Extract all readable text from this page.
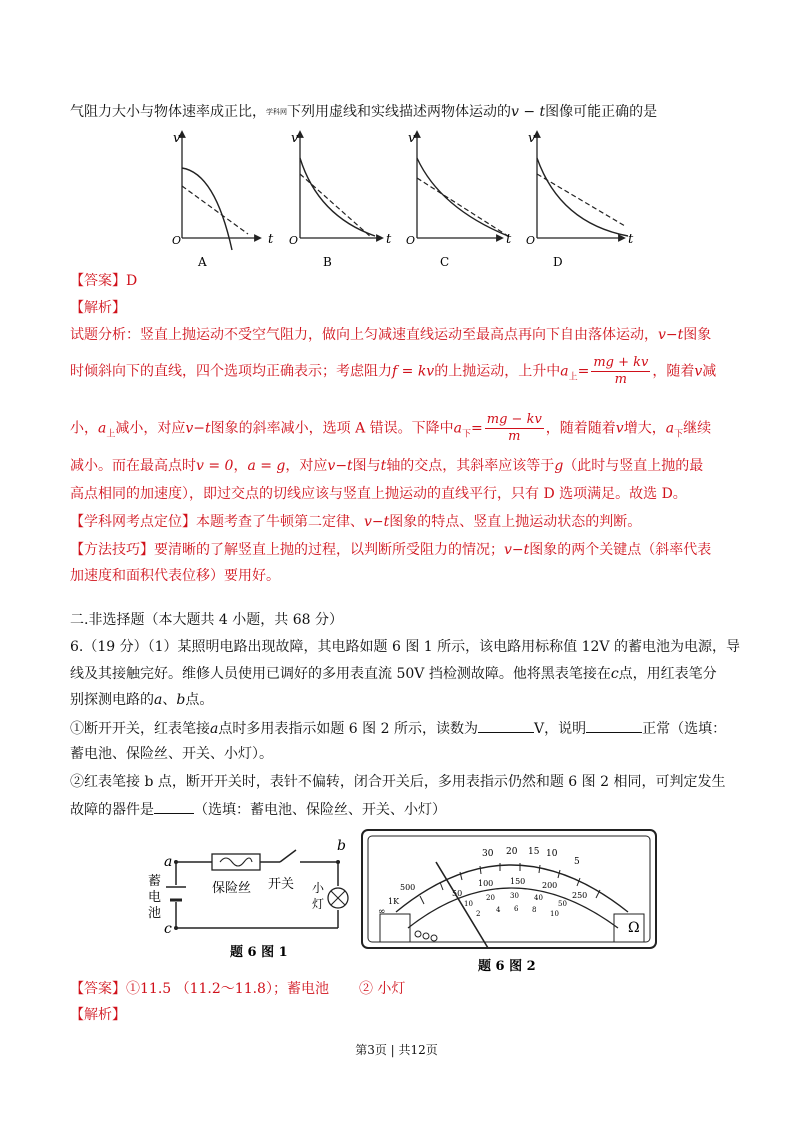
气阻力大小与物体速率成正比，学科网下列用虚线和实线描述两物体运动的v − t图像可能正确的是
v
t
O
A
v
t
O
B
v
t
O
C
v
t
O
D
【答案】D
【解析】
试题分析：竖直上抛运动不受空气阻力，做向上匀减速直线运动至最高点再向下自由落体运动，v−t图象
时倾斜向下的直线，四个选项均正确表示；考虑阻力f = kv的上抛运动，上升中$a_上= \frac{mg + kv}{m}$ ，随着v减
小，$a_上$减小，对应v−t图象的斜率减小，选项 A 错误。下降中$a_下= \frac{mg - kv}{m}$ ，随着随着v增大，$a_下$继续
减小。而在最高点时v = 0，a = g，对应v−t图与t轴的交点，其斜率应该等于g（此时与竖直上抛的最
高点相同的加速度），即过交点的切线应该与竖直上抛运动的直线平行，只有 D 选项满足。故选 D。
【学科网考点定位】本题考查了牛顿第二定律、v−t图象的特点、竖直上抛运动状态的判断。
【方法技巧】要清晰的了解竖直上抛的过程，以判断所受阻力的情况；v−t图象的两个关键点（斜率代表
加速度和面积代表位移）要用好。
二.非选择题（本大题共 4 小题，共 68 分）
6.（19 分）（1）某照明电路出现故障，其电路如题 6 图 1 所示，该电路用标称值 12V 的蓄电池为电源，导
线及其接触完好。维修人员使用已调好的多用表直流 50V 挡检测故障。他将黑表笔接在c点，用红表笔分
别探测电路的a、b点。
①断开开关，红表笔接a点时多用表指示如题 6 图 2 所示，读数为	V，说明	正常（选填：
蓄电池、保险丝、开关、小灯）。
②红表笔接 b 点，断开开关时，表针不偏转，闭合开关后，多用表指示仍然和题 6 图 2 相同，可判定发生
故障的器件是	（选填：蓄电池、保险丝、开关、小灯）
a
b
c
蓄
电
池
保险丝 开关 小
灯
题 6 图 1
30 20 15 10
5
500
1K
∞
50
100 150 200
250
10
20 30 40
50
2 4 6 8 10
Ω
题 6 图 2
【答案】①11.5 （11.2～11.8）；蓄电池 ② 小灯
【解析】
第3页 | 共12页
